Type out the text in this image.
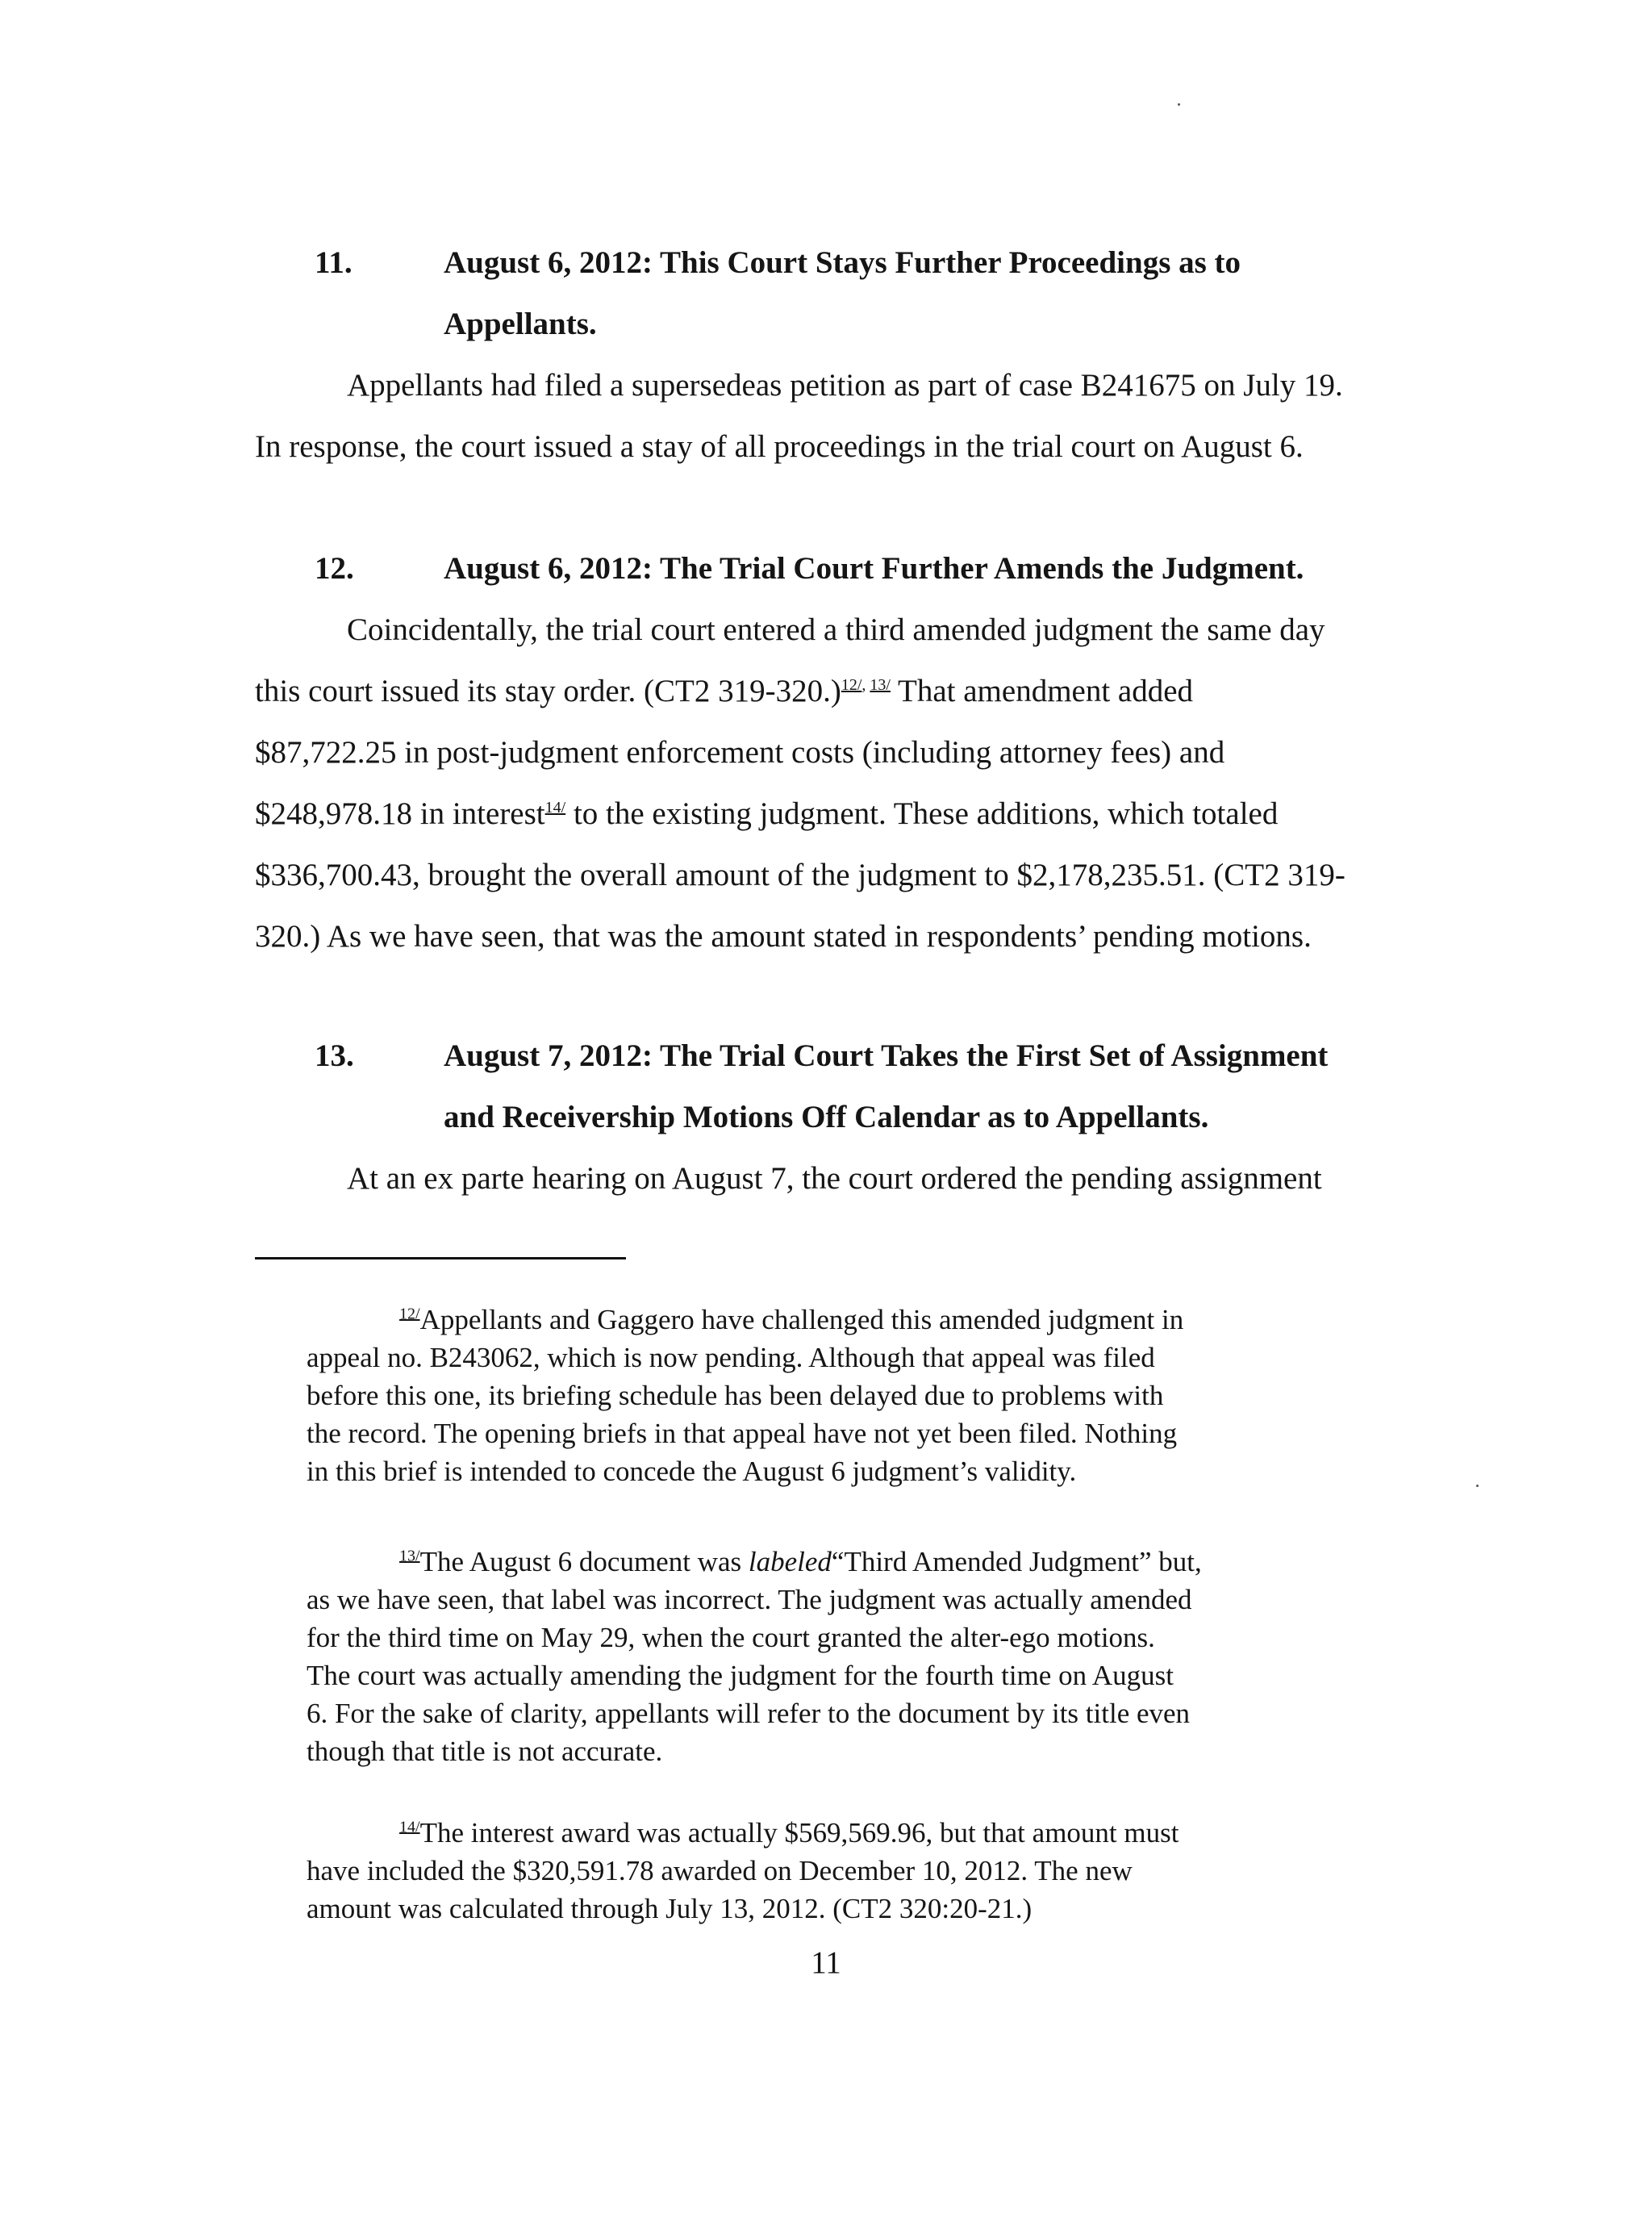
11.	August 6, 2012: This Court Stays Further Proceedings as to
Appellants.

Appellants had filed a supersedeas petition as part of case B241675 on July 19.

In response, the court issued a stay of all proceedings in the trial court on August 6.

12.	August 6, 2012: The Trial Court Further Amends the Judgment.

Coincidentally, the trial court entered a third amended judgment the same day

this court issued its stay order. (CT2 319-320.)$^{12/,}$ $^{13/}$ That amendment added

$87,722.25 in post-judgment enforcement costs (including attorney fees) and

$248,978.18 in interest$^{14/}$ to the existing judgment. These additions, which totaled

$336,700.43, brought the overall amount of the judgment to $2,178,235.51. (CT2 319-

320.) As we have seen, that was the amount stated in respondents’ pending motions.

13.	August 7, 2012: The Trial Court Takes the First Set of Assignment
and Receivership Motions Off Calendar as to Appellants.

At an ex parte hearing on August 7, the court ordered the pending assignment

$^{12/}$Appellants and Gaggero have challenged this amended judgment in
appeal no. B243062, which is now pending. Although that appeal was filed
before this one, its briefing schedule has been delayed due to problems with
the record. The opening briefs in that appeal have not yet been filed. Nothing
in this brief is intended to concede the August 6 judgment’s validity.
$^{13/}$The August 6 document was labeled“Third Amended Judgment” but,
as we have seen, that label was incorrect. The judgment was actually amended
for the third time on May 29, when the court granted the alter-ego motions.
The court was actually amending the judgment for the fourth time on August
6. For the sake of clarity, appellants will refer to the document by its title even
though that title is not accurate.
$^{14/}$The interest award was actually $569,569.96, but that amount must
have included the $320,591.78 awarded on December 10, 2012. The new
amount was calculated through July 13, 2012. (CT2 320:20-21.)
11
